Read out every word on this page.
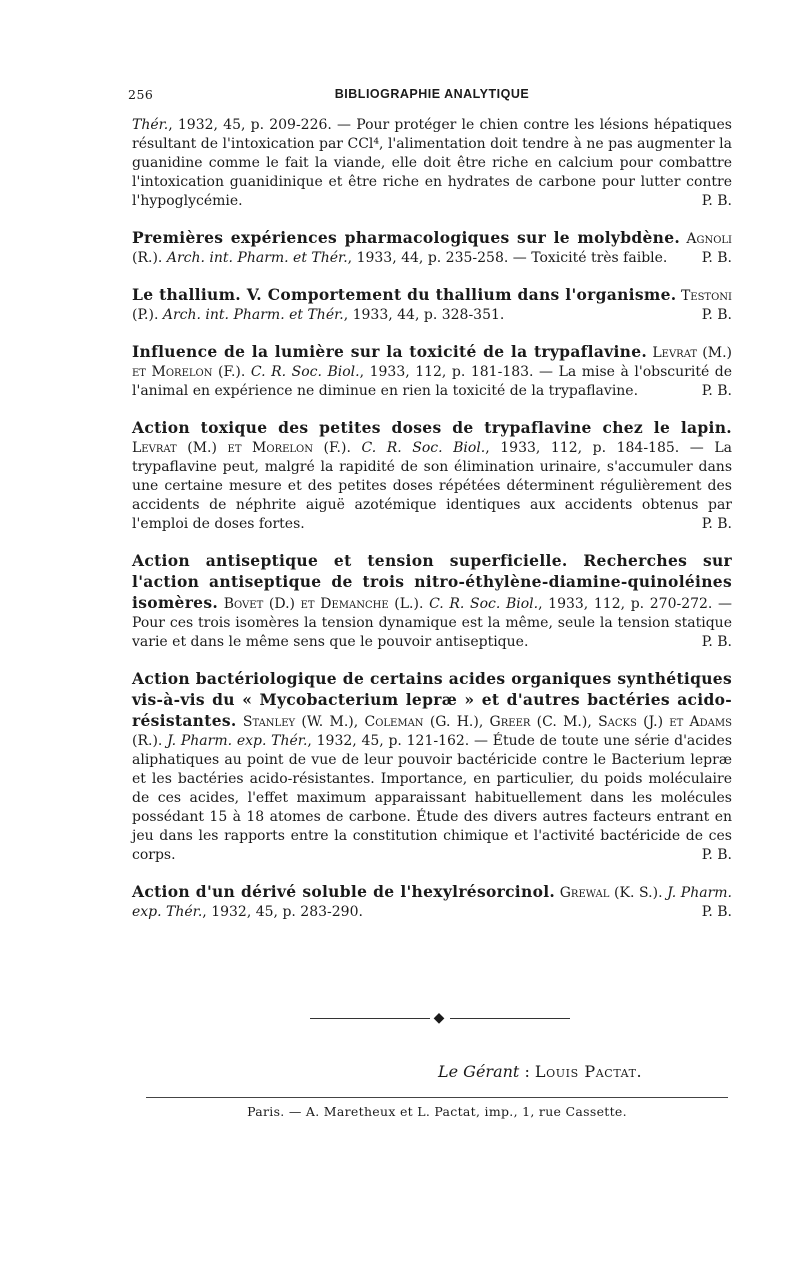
256	BIBLIOGRAPHIE ANALYTIQUE

Thér., 1932, 45, p. 209-226. — Pour protéger le chien contre les lésions hépatiques résultant de l'intoxication par CCl⁴, l'alimentation doit tendre à ne pas augmenter la guanidine comme le fait la viande, elle doit être riche en calcium pour combattre l'intoxication guanidinique et être riche en hydrates de carbone pour lutter contre l'hypoglycémie.	P. B.

Premières expériences pharmacologiques sur le molybdène. Agnoli (R.). Arch. int. Pharm. et Thér., 1933, 44, p. 235-258. — Toxicité très faible.	P. B.

Le thallium. V. Comportement du thallium dans l'organisme. Testoni (P.). Arch. int. Pharm. et Thér., 1933, 44, p. 328-351.	P. B.

Influence de la lumière sur la toxicité de la trypaflavine. Levrat (M.) et Morelon (F.). C. R. Soc. Biol., 1933, 112, p. 181-183. — La mise à l'obscurité de l'animal en expérience ne diminue en rien la toxicité de la trypaflavine.	P. B.

Action toxique des petites doses de trypaflavine chez le lapin. Levrat (M.) et Morelon (F.). C. R. Soc. Biol., 1933, 112, p. 184-185. — La trypaflavine peut, malgré la rapidité de son élimination urinaire, s'accumuler dans une certaine mesure et des petites doses répétées déterminent régulièrement des accidents de néphrite aiguë azotémique identiques aux accidents obtenus par l'emploi de doses fortes.	P. B.

Action antiseptique et tension superficielle. Recherches sur l'action antiseptique de trois nitro-éthylène-diamine-quinoléines isomères. Bovet (D.) et Demanche (L.). C. R. Soc. Biol., 1933, 112, p. 270-272. — Pour ces trois isomères la tension dynamique est la même, seule la tension statique varie et dans le même sens que le pouvoir antiseptique.	P. B.

Action bactériologique de certains acides organiques synthétiques vis-à-vis du « Mycobacterium lepræ » et d'autres bactéries acido-résistantes. Stanley (W. M.), Coleman (G. H.), Greer (C. M.), Sacks (J.) et Adams (R.). J. Pharm. exp. Thér., 1932, 45, p. 121-162. — Étude de toute une série d'acides aliphatiques au point de vue de leur pouvoir bactéricide contre le Bacterium lepræ et les bactéries acido-résistantes. Importance, en particulier, du poids moléculaire de ces acides, l'effet maximum apparaissant habituellement dans les molécules possédant 15 à 18 atomes de carbone. Étude des divers autres facteurs entrant en jeu dans les rapports entre la constitution chimique et l'activité bactéricide de ces corps.	P. B.

Action d'un dérivé soluble de l'hexylrésorcinol. Grewal (K. S.). J. Pharm. exp. Thér., 1932, 45, p. 283-290.	P. B.

◆
Le Gérant : Louis Pactat.
Paris. — A. Maretheux et L. Pactat, imp., 1, rue Cassette.
